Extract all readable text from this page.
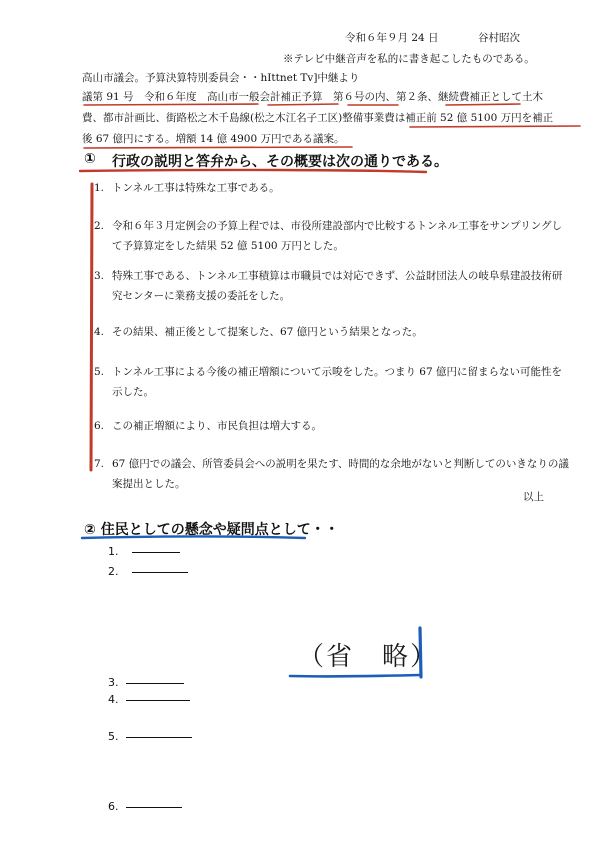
令和６年９月 24 日	谷村昭次
※テレビ中継音声を私的に書き起こしたものである。
高山市議会。予算決算特別委員会・・hIttnet Tv]中継より
議第 91 号　令和６年度　高山市一般会計補正予算　第６号の内、第２条、継続費補正として土木
費、都市計画比、街路松之木千島線(松之木江名子工区)整備事業費は補正前 52 億 5100 万円を補正
後 67 億円にする。増額 14 億 4900 万円である議案。
① 行政の説明と答弁から、その概要は次の通りである。
1. トンネル工事は特殊な工事である。
2. 令和６年３月定例会の予算上程では、市役所建設部内で比較するトンネル工事をサンプリングして予算算定をした結果 52 億 5100 万円とした。
3. 特殊工事である、トンネル工事積算は市職員では対応できず、公益財団法人の岐阜県建設技術研究センターに業務支援の委託をした。
4. その結果、補正後として提案した、67 億円という結果となった。
5. トンネル工事による今後の補正増額について示唆をした。つまり 67 億円に留まらない可能性を示した。
6. この補正増額により、市民負担は増大する。
7. 67 億円での議会、所管委員会への説明を果たす、時間的な余地がないと判断してのいきなりの議案提出とした。
以上
② 住民としての懸念や疑問点として・・
1.
2.
3.
4.
5.
6.
（省　略）
